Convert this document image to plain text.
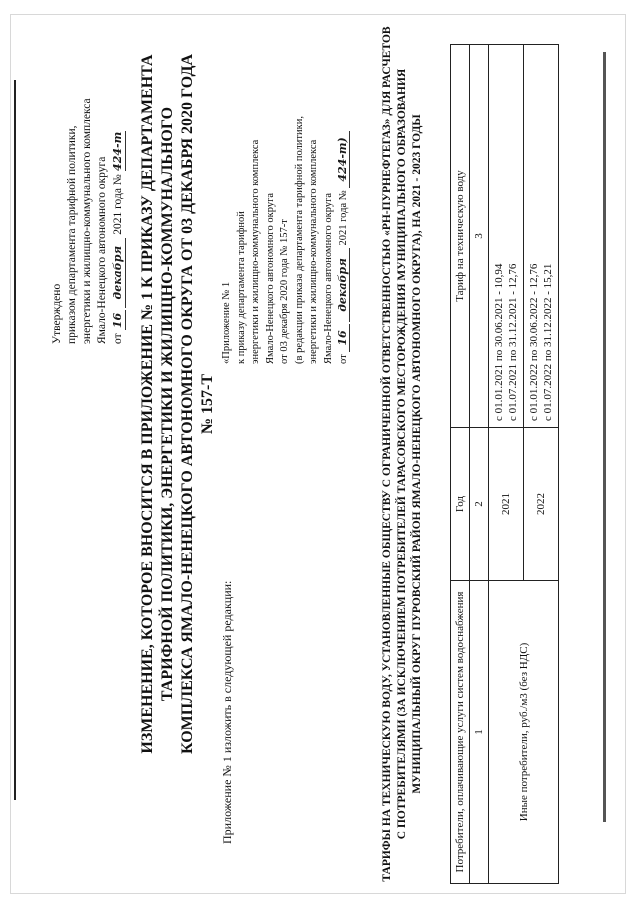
Утверждено приказом департамента тарифной политики, энергетики и жилищно-коммунального комплекса Ямало-Ненецкого автономного округа от 16 декабря 2021 года № 424-т ИЗМЕНЕНИЕ, КОТОРОЕ ВНОСИТСЯ В ПРИЛОЖЕНИЕ № 1 К ПРИКАЗУ ДЕПАРТАМЕНТА ТАРИФНОЙ ПОЛИТИКИ, ЭНЕРГЕТИКИ И ЖИЛИЩНО-КОММУНАЛЬНОГО КОМПЛЕКСА ЯМАЛО-НЕНЕЦКОГО АВТОНОМНОГО ОКРУГА ОТ 03 ДЕКАБРЯ 2020 ГОДА № 157-Т
Приложение № 1 изложить в следующей редакции:
«Приложение № 1 к приказу департамента тарифной энергетики и жилищно-коммунального комплекса Ямало-Ненецкого автономного округа от 03 декабря 2020 года № 157-т (в редакции приказа департамента тарифной политики, энергетики и жилищно-коммунального комплекса Ямало-Ненецкого автономного округа от 16 декабря 2021 года № 424-т)	ТАРИФЫ НА ТЕХНИЧЕСКУЮ ВОДУ, УСТАНОВЛЕННЫЕ ОБЩЕСТВУ С ОГРАНИЧЕННОЙ ОТВЕТСТВЕННОСТЬЮ «РН-ПУРНЕФТЕГАЗ» ДЛЯ РАСЧЕТОВ С ПОТРЕБИТЕЛЯМИ (ЗА ИСКЛЮЧЕНИЕМ ПОТРЕБИТЕЛЕЙ ТАРАСОВСКОГО МЕСТОРОЖДЕНИЯ МУНИЦИПАЛЬНОГО ОБРАЗОВАНИЯ МУНИЦИПАЛЬНЫЙ ОКРУГ ПУРОВСКИЙ РАЙОН ЯМАЛО-НЕНЕЦКОГО АВТОНОМНОГО ОКРУГА), НА 2021 - 2023 ГОДЫ	Потребители, оплачивающие услуги систем водоснабжения	Год	Тариф на техническую воду
1	2	3
Иные потребители, руб./м3 (без НДС)	2021	с 01.01.2021 по 30.06.2021 - 10,94 с 01.07.2021 по 31.12.2021 - 12,76

	2022	с 01.01.2022 по 30.06.2022 - 12,76 с 01.07.2022 по 31.12.2022 - 15,21
